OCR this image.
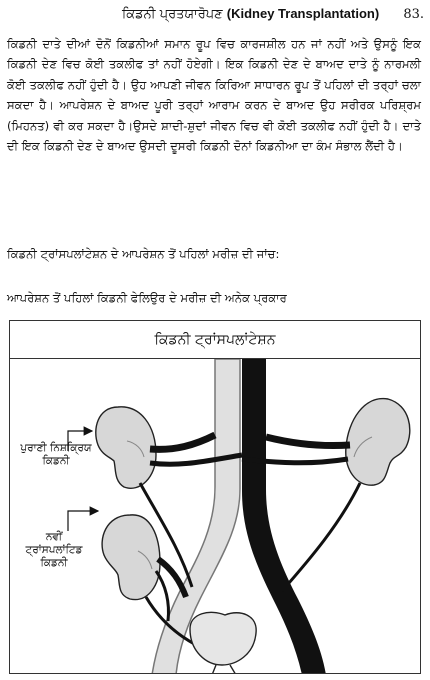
ਕਿਡਨੀ ਪ੍ਰਤਯਾਰੋਪਣ (Kidney Transplantation) 83.
ਕਿਡਨੀ ਦਾਤੇ ਦੀਆਂ ਦੋਨੋਂ ਕਿਡਨੀਆਂ ਸਮਾਨ ਰੂਪ ਵਿਚ ਕਾਰਜਸ਼ੀਲ ਹਨ ਜਾਂ ਨਹੀਂ ਅਤੇ ਉਸਨੂੰ ਇਕ ਕਿਡਨੀ ਦੇਣ ਵਿਚ ਕੋਈ ਤਕਲੀਫ ਤਾਂ ਨਹੀਂ ਹੋਏਗੀ। ਇਕ ਕਿਡਨੀ ਦੇਣ ਦੇ ਬਾਅਦ ਦਾਤੇ ਨੂੰ ਨਾਰਮਲੀ ਕੋਈ ਤਕਲੀਫ ਨਹੀਂ ਹੁੰਦੀ ਹੈ। ਉਹ ਆਪਣੀ ਜੀਵਨ ਕਿਰਿਆ ਸਾਧਾਰਨ ਰੂਪ ਤੋਂ ਪਹਿਲਾਂ ਦੀ ਤਰ੍ਹਾਂ ਚਲਾ ਸਕਦਾ ਹੈ। ਆਪਰੇਸ਼ਨ ਦੇ ਬਾਅਦ ਪੂਰੀ ਤਰ੍ਹਾਂ ਆਰਾਮ ਕਰਨ ਦੇ ਬਾਅਦ ਉਹ ਸਰੀਰਕ ਪਰਿਸ਼੍ਰਮ (ਮਿਹਨਤ) ਵੀ ਕਰ ਸਕਦਾ ਹੈ।ਉਸਦੇ ਸ਼ਾਦੀ-ਸ਼ੁਦਾਂ ਜੀਵਨ ਵਿਚ ਵੀ ਕੋਈ ਤਕਲੀਫ ਨਹੀਂ ਹੁੰਦੀ ਹੈ। ਦਾਤੇ ਦੀ ਇਕ ਕਿਡਨੀ ਦੇਣ ਦੇ ਬਾਅਦ ਉਸਦੀ ਦੂਸਰੀ ਕਿਡਨੀ ਦੋਨਾਂ ਕਿਡਨੀਆ ਦਾ ਕੰਮ ਸੰਭਾਲ ਲੈਂਦੀ ਹੈ।
ਕਿਡਨੀ ਟ੍ਰਾਂਸਪਲਾਂਟੇਸ਼ਨ ਦੇ ਆਪਰੇਸ਼ਨ ਤੋਂ ਪਹਿਲਾਂ ਮਰੀਜ਼ ਦੀ ਜਾਂਚ:
ਆਪਰੇਸ਼ਨ ਤੋਂ ਪਹਿਲਾਂ ਕਿਡਨੀ ਫੇਲਿਉਰ ਦੇ ਮਰੀਜ਼ ਦੀ ਅਨੇਕ ਪ੍ਰਕਾਰ
ਕਿਡਨੀ ਟ੍ਰਾਂਸਪਲਾਂਟੇਸ਼ਨ
ਪੁਰਾਣੀ ਨਿਸ਼ਕ੍ਰਿਯ
ਕਿਡਨੀ
ਨਵੀਂ
ਟ੍ਰਾਂਸਪਲਾਂਟਿਡ
ਕਿਡਨੀ
